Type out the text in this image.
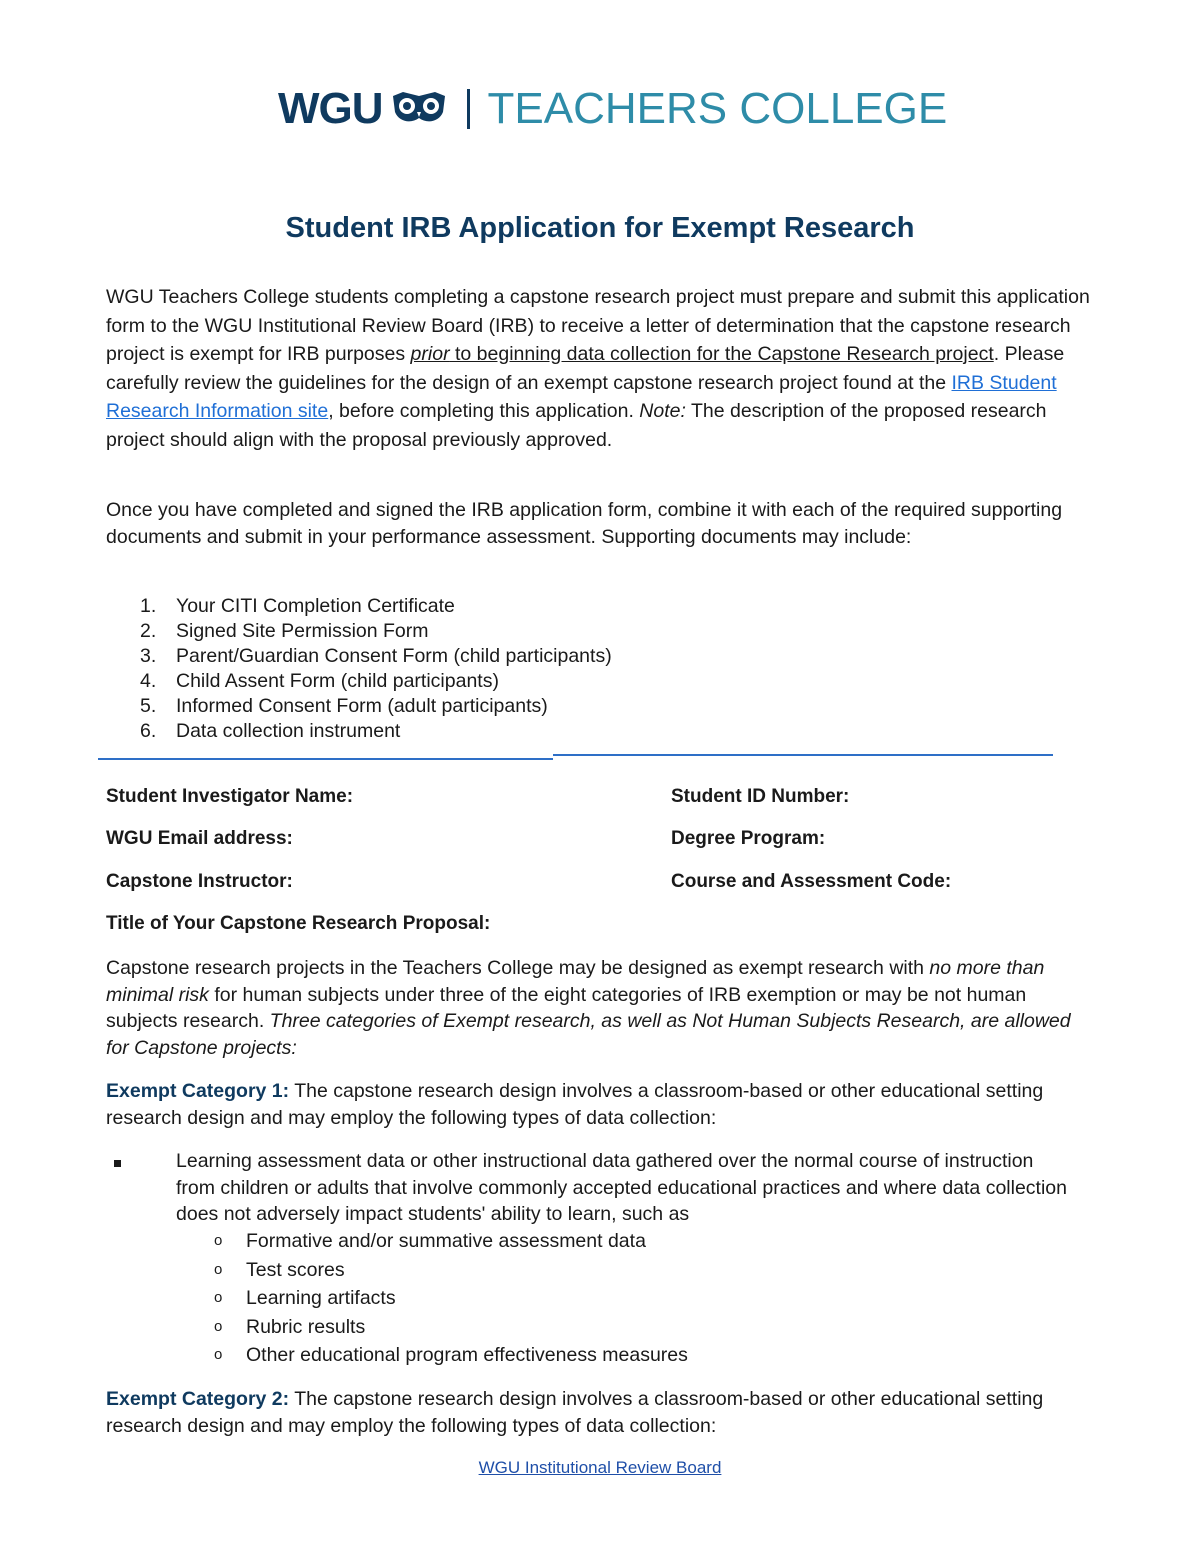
WGU TEACHERS COLLEGE
Student IRB Application for Exempt Research

WGU Teachers College students completing a capstone research project must prepare and submit this application form to the WGU Institutional Review Board (IRB) to receive a letter of determination that the capstone research project is exempt for IRB purposes prior to beginning data collection for the Capstone Research project. Please carefully review the guidelines for the design of an exempt capstone research project found at the IRB Student Research Information site, before completing this application. Note: The description of the proposed research project should align with the proposal previously approved.

Once you have completed and signed the IRB application form, combine it with each of the required supporting documents and submit in your performance assessment. Supporting documents may include:

1.	Your CITI Completion Certificate
2.	Signed Site Permission Form
3.	Parent/Guardian Consent Form (child participants)
4.	Child Assent Form (child participants)
5.	Informed Consent Form (adult participants)
6.	Data collection instrument
Student Investigator Name:	Student ID Number:
WGU Email address:	Degree Program:
Capstone Instructor:	Course and Assessment Code:
Title of Your Capstone Research Proposal:

Capstone research projects in the Teachers College may be designed as exempt research with no more than minimal risk for human subjects under three of the eight categories of IRB exemption or may be not human subjects research. Three categories of Exempt research, as well as Not Human Subjects Research, are allowed for Capstone projects:

Exempt Category 1: The capstone research design involves a classroom-based or other educational setting research design and may employ the following types of data collection:

Learning assessment data or other instructional data gathered over the normal course of instruction from children or adults that involve commonly accepted educational practices and where data collection does not adversely impact students' ability to learn, such as
o	Formative and/or summative assessment data
o	Test scores
o	Learning artifacts
o	Rubric results
o	Other educational program effectiveness measures

Exempt Category 2: The capstone research design involves a classroom-based or other educational setting research design and may employ the following types of data collection:

WGU Institutional Review Board
